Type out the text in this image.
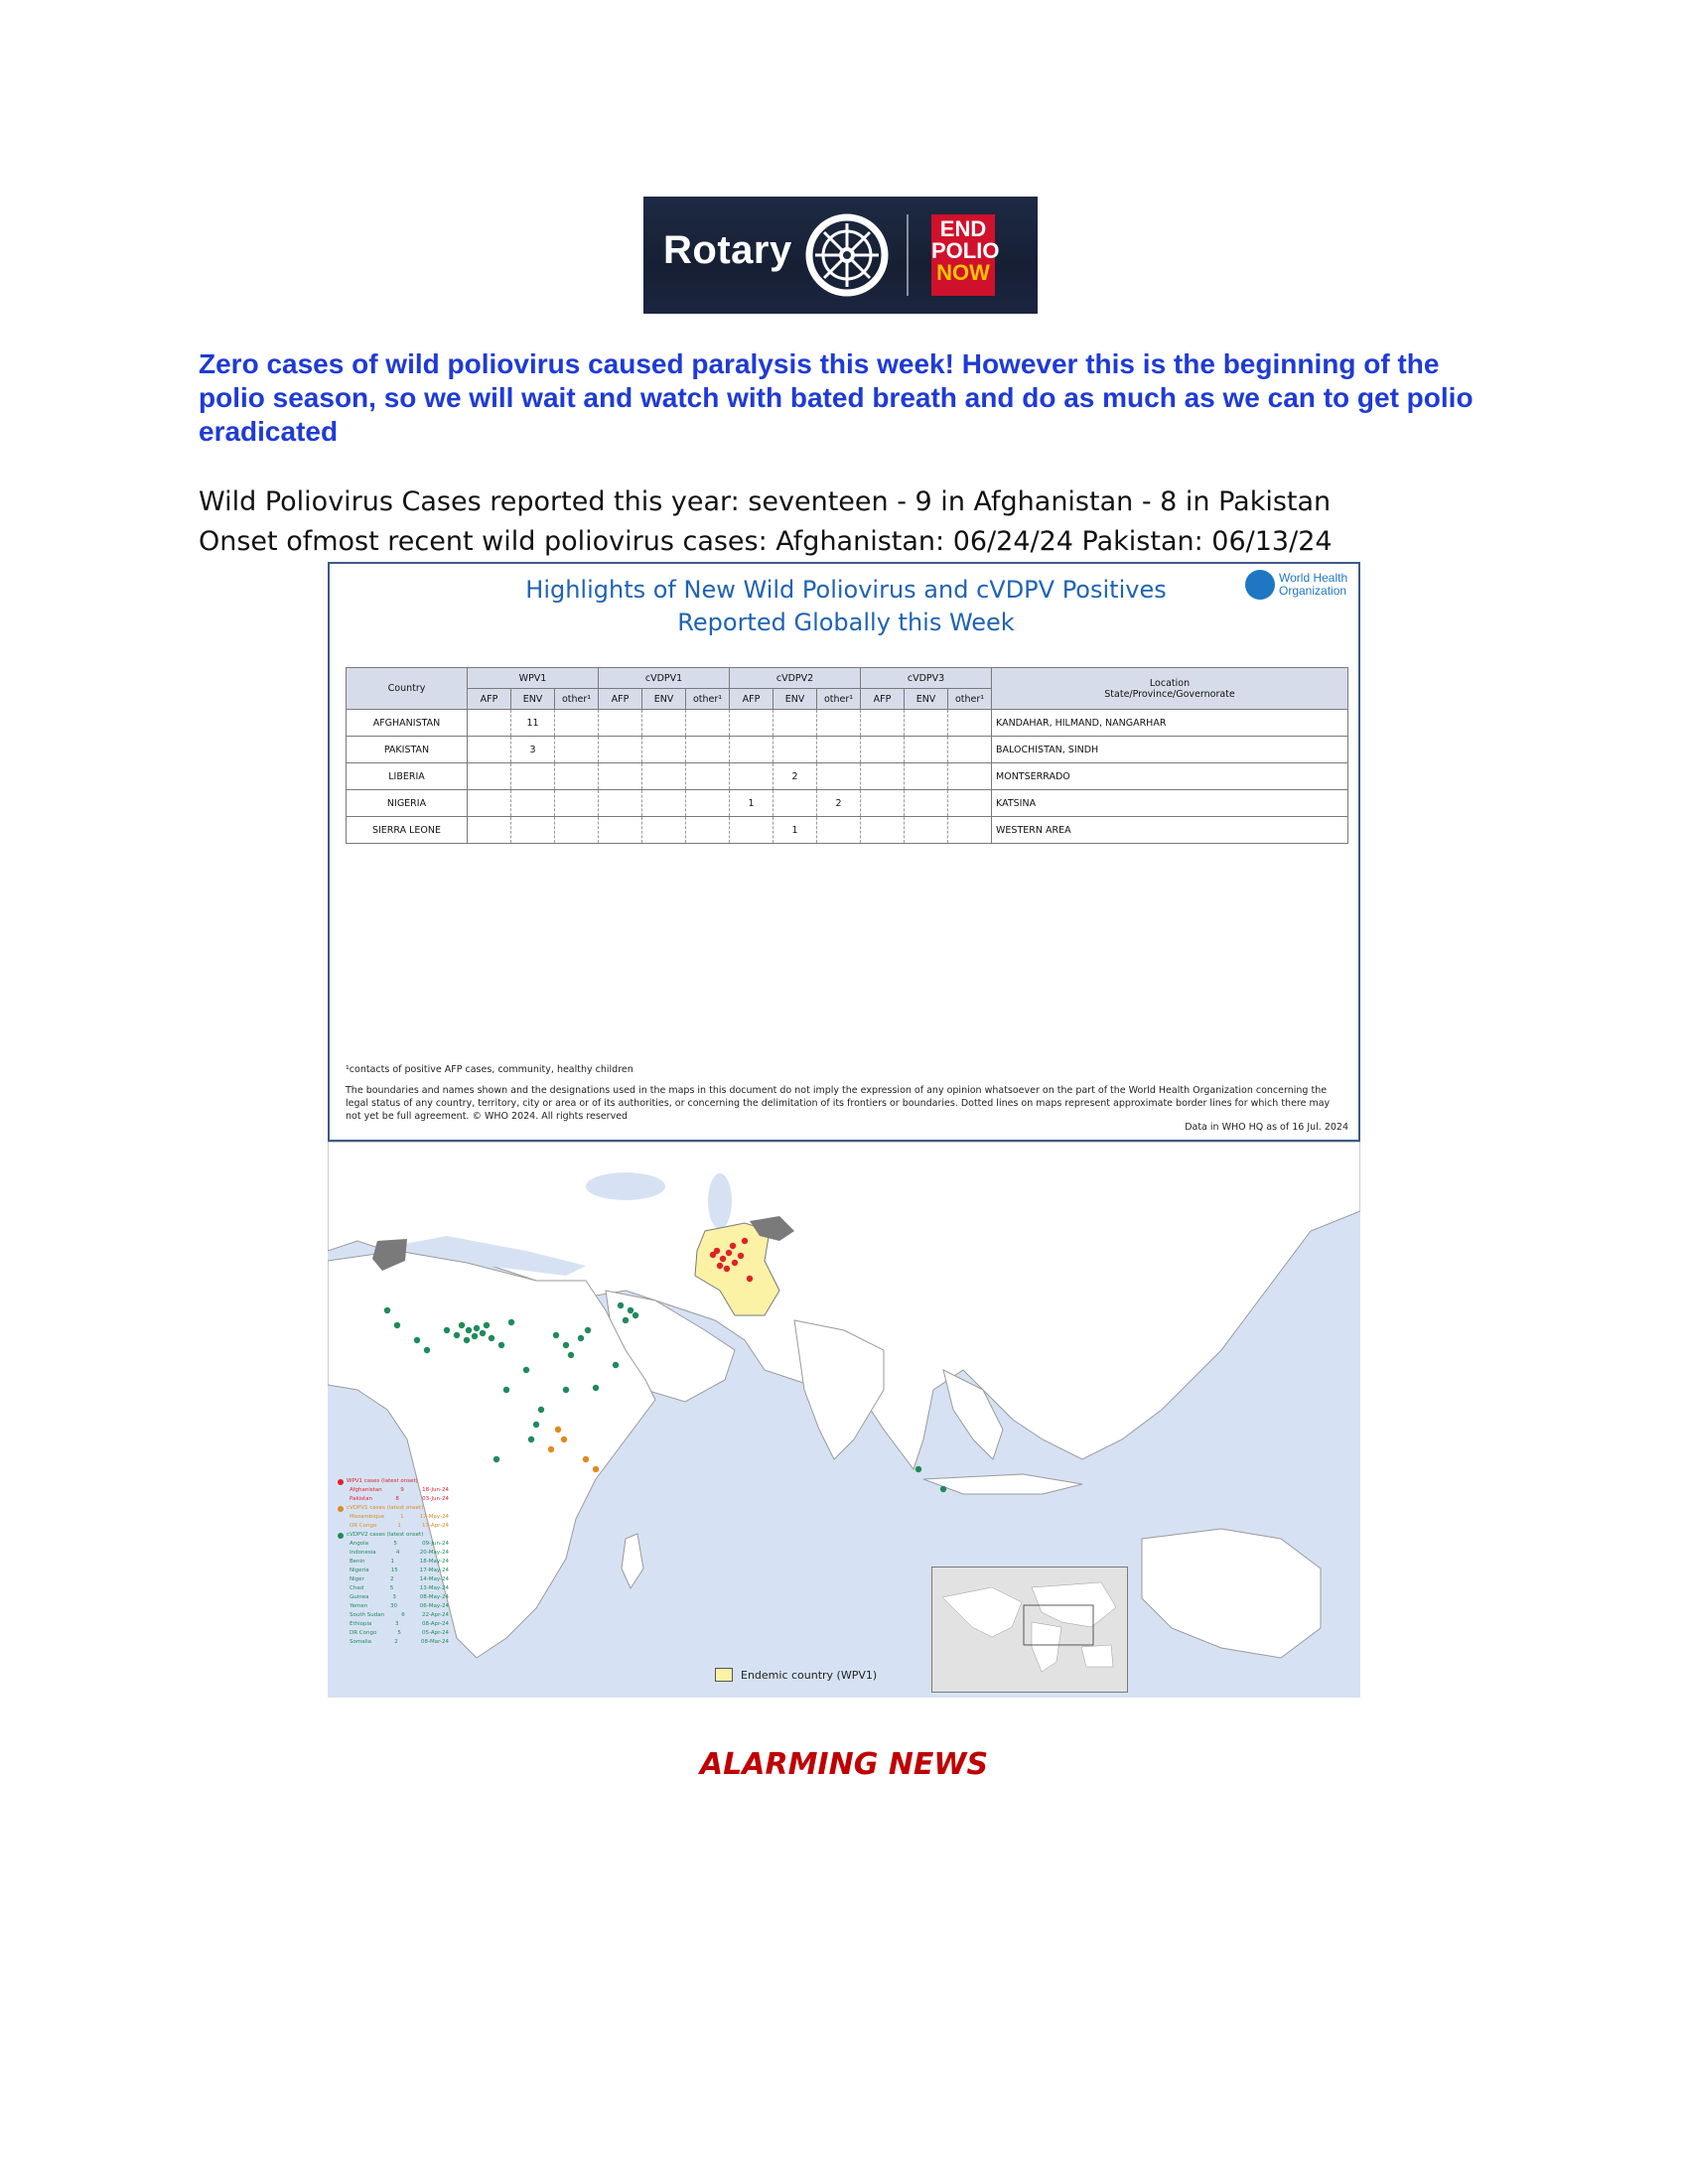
Rotary	END
POLIO
NOW

Zero cases of wild poliovirus caused paralysis this week! However this is the beginning of the polio season, so we will wait and watch with bated breath and do as much as we can to get polio eradicated

Wild Poliovirus Cases reported this year: seventeen - 9 in Afghanistan - 8 in Pakistan

Onset ofmost recent wild poliovirus cases: Afghanistan: 06/24/24 Pakistan: 06/13/24

Highlights of New Wild Poliovirus and cVDPV Positives
Reported Globally this Week
World Health Organization
Country	WPV1			cVDPV1			cVDPV2			cVDPV3			Location
State/Province/Governorate

	AFP	ENV	other¹	AFP	ENV	other¹	AFP	ENV	other¹	AFP	ENV	other¹	
AFGHANISTAN		11											KANDAHAR, HILMAND, NANGARHAR
PAKISTAN		3											BALOCHISTAN, SINDH
LIBERIA								2					MONTSERRADO
NIGERIA							1		2				KATSINA
SIERRA LEONE								1					WESTERN AREA
¹contacts of positive AFP cases, community, healthy children
The boundaries and names shown and the designations used in the maps in this document do not imply the expression of any opinion whatsoever on the part of the World Health Organization concerning the legal status of any country, territory, city or area or of its authorities, or concerning the delimitation of its frontiers or boundaries. Dotted lines on maps represent approximate border lines for which there may not yet be full agreement. © WHO 2024. All rights reserved
Data in WHO HQ as of 16 Jul. 2024
WPV1 cases (latest onset)
Afghanistan	9	18-Jun-24
Pakistan	8	03-Jun-24
cVDPV1 cases (latest onset)
Mozambique	1	17-May-24
DR Congo	1	17-Apr-24
cVDPV2 cases (latest onset)
Angola	5	09-Jun-24
Indonesia	4	20-May-24
Benin	1	18-May-24
Nigeria	15	17-May-24
Niger	2	14-May-24
Chad	5	13-May-24
Guinea	3	08-May-24
Yemen	30	06-May-24
South Sudan	6	22-Apr-24
Ethiopia	3	08-Apr-24
DR Congo	5	05-Apr-24
Somalia	2	08-Mar-24
Endemic country (WPV1)
ALARMING NEWS
